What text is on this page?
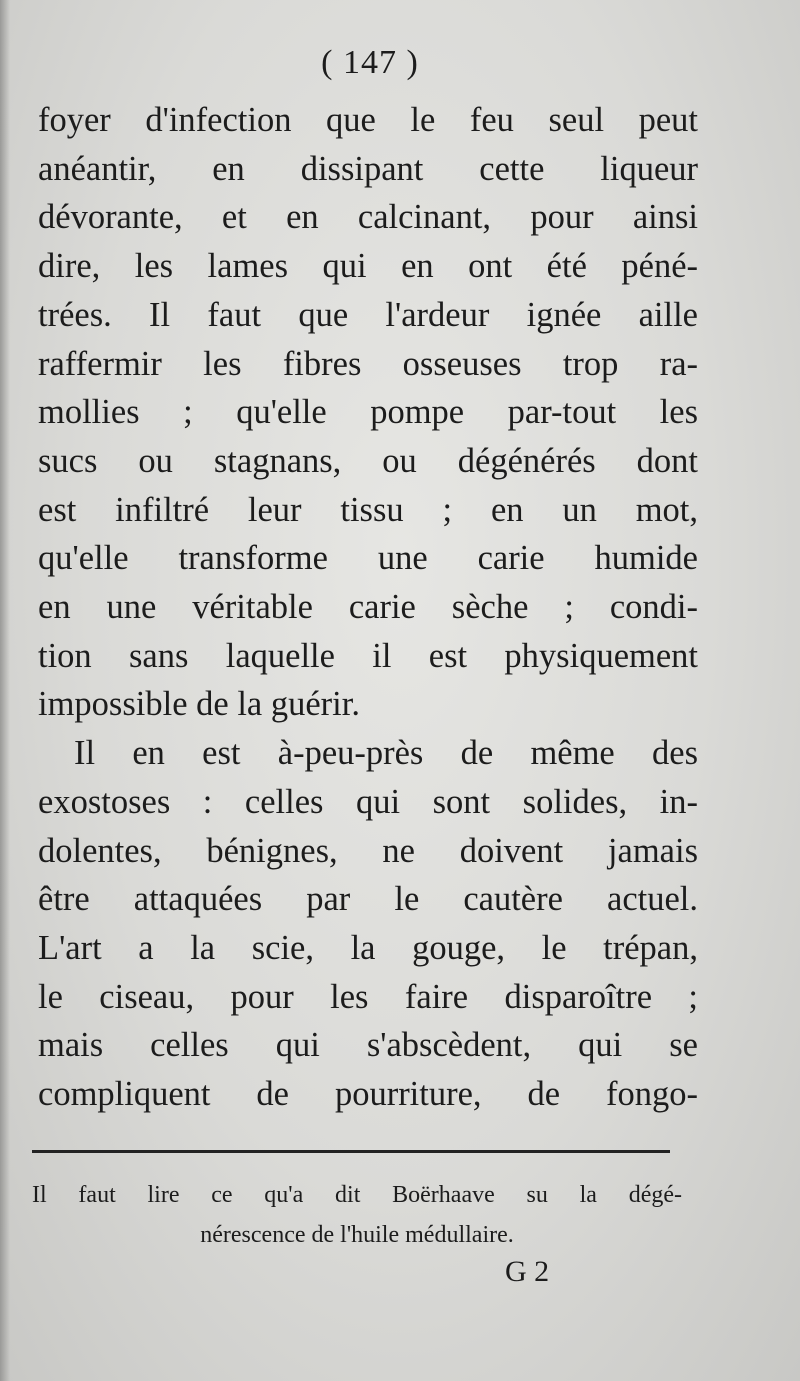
( 147 )
foyer d'infection que le feu seul peut
anéantir, en dissipant cette liqueur
dévorante, et en calcinant, pour ainsi
dire, les lames qui en ont été péné-
trées. Il faut que l'ardeur ignée aille
raffermir les fibres osseuses trop ra-
mollies ; qu'elle pompe par-tout les
sucs ou stagnans, ou dégénérés dont
est infiltré leur tissu ; en un mot,
qu'elle transforme une carie humide
en une véritable carie sèche ; condi-
tion sans laquelle il est physiquement
impossible de la guérir.
Il en est à-peu-près de même des
exostoses : celles qui sont solides, in-
dolentes, bénignes, ne doivent jamais
être attaquées par le cautère actuel.
L'art a la scie, la gouge, le trépan,
le ciseau, pour les faire disparoître ;
mais celles qui s'abscèdent, qui se
compliquent de pourriture, de fongo-
Il faut lire ce qu'a dit Boërhaave su la dégé-
nérescence de l'huile médullaire.
G 2
